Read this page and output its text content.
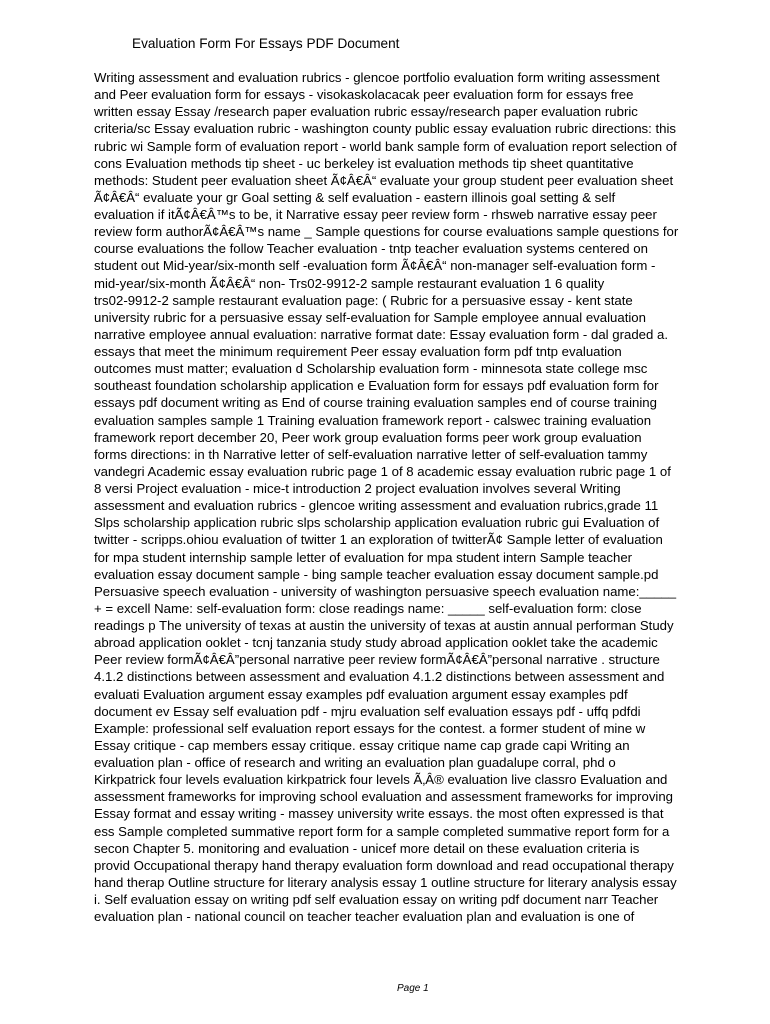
Evaluation Form For Essays PDF Document
Writing assessment and evaluation rubrics - glencoe portfolio evaluation form writing assessment
and Peer evaluation form for essays - visokaskolacacak peer evaluation form for essays free
written essay Essay /research paper evaluation rubric essay/research paper evaluation rubric
criteria/sc Essay evaluation rubric - washington county public essay evaluation rubric directions: this
rubric wi Sample form of evaluation report - world bank sample form of evaluation report selection of
cons Evaluation methods tip sheet - uc berkeley ist evaluation methods tip sheet quantitative
methods: Student peer evaluation sheet Ã¢Â€Â“ evaluate your group student peer evaluation sheet
Ã¢Â€Â“ evaluate your gr Goal setting & self evaluation - eastern illinois goal setting & self
evaluation if itÃ¢Â€Â™s to be, it Narrative essay peer review form - rhsweb narrative essay peer
review form authorÃ¢Â€Â™s name _ Sample questions for course evaluations sample questions for
course evaluations the follow Teacher evaluation - tntp teacher evaluation systems centered on
student out Mid-year/six-month self -evaluation form Ã¢Â€Â“ non-manager self-evaluation form -
mid-year/six-month Ã¢Â€Â“ non- Trs02-9912-2 sample restaurant evaluation 1 6 quality
trs02-9912-2 sample restaurant evaluation page: ( Rubric for a persuasive essay - kent state
university rubric for a persuasive essay self-evaluation for Sample employee annual evaluation
narrative employee annual evaluation: narrative format date: Essay evaluation form - dal graded a.
essays that meet the minimum requirement Peer essay evaluation form pdf tntp evaluation
outcomes must matter; evaluation d Scholarship evaluation form - minnesota state college msc
southeast foundation scholarship application e Evaluation form for essays pdf evaluation form for
essays pdf document writing as End of course training evaluation samples end of course training
evaluation samples sample 1 Training evaluation framework report - calswec training evaluation
framework report december 20, Peer work group evaluation forms peer work group evaluation
forms directions: in th Narrative letter of self-evaluation narrative letter of self-evaluation tammy
vandegri Academic essay evaluation rubric page 1 of 8 academic essay evaluation rubric page 1 of
8 versi Project evaluation - mice-t introduction 2 project evaluation involves several Writing
assessment and evaluation rubrics - glencoe writing assessment and evaluation rubrics,grade 11
Slps scholarship application rubric slps scholarship application evaluation rubric gui Evaluation of
twitter - scripps.ohiou evaluation of twitter 1 an exploration of twitterÃ¢ Sample letter of evaluation
for mpa student internship sample letter of evaluation for mpa student intern Sample teacher
evaluation essay document sample - bing sample teacher evaluation essay document sample.pd
Persuasive speech evaluation - university of washington persuasive speech evaluation name:_____
+ = excell Name: self-evaluation form: close readings name: _____ self-evaluation form: close
readings p The university of texas at austin the university of texas at austin annual performan Study
abroad application ooklet - tcnj tanzania study study abroad application ooklet take the academic
Peer review formÃ¢Â€Â”personal narrative peer review formÃ¢Â€Â”personal narrative . structure
4.1.2 distinctions between assessment and evaluation 4.1.2 distinctions between assessment and
evaluati Evaluation argument essay examples pdf evaluation argument essay examples pdf
document ev Essay self evaluation pdf - mjru evaluation self evaluation essays pdf - uffq pdfdi
Example: professional self evaluation report essays for the contest. a former student of mine w
Essay critique - cap members essay critique. essay critique name cap grade capi Writing an
evaluation plan - office of research and writing an evaluation plan guadalupe corral, phd o
Kirkpatrick four levels evaluation kirkpatrick four levels Ã‚Â® evaluation live classro Evaluation and
assessment frameworks for improving school evaluation and assessment frameworks for improving
Essay format and essay writing - massey university write essays. the most often expressed is that
ess Sample completed summative report form for a sample completed summative report form for a
secon Chapter 5. monitoring and evaluation - unicef more detail on these evaluation criteria is
provid Occupational therapy hand therapy evaluation form download and read occupational therapy
hand therap Outline structure for literary analysis essay 1 outline structure for literary analysis essay
i. Self evaluation essay on writing pdf self evaluation essay on writing pdf document narr Teacher
evaluation plan - national council on teacher teacher evaluation plan and evaluation is one of
Page 1
